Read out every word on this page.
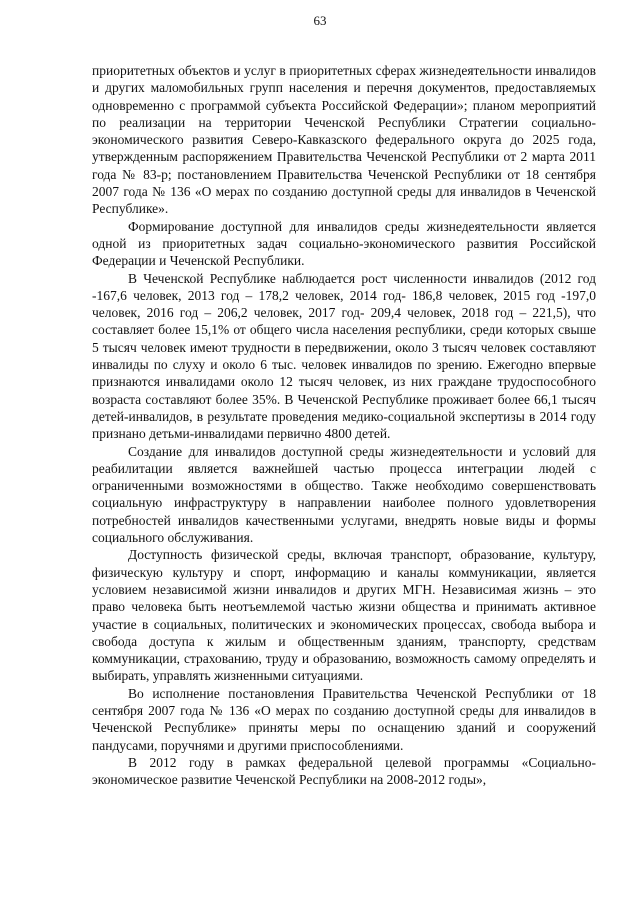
63

приоритетных объектов и услуг в приоритетных сферах жизнедеятельности инвалидов и других маломобильных групп населения и перечня документов, предоставляемых одновременно с программой субъекта Российской Федерации»; планом мероприятий по реализации на территории Чеченской Республики Стратегии социально-экономического развития Северо-Кавказского федерального округа до 2025 года, утвержденным распоряжением Правительства Чеченской Республики от 2 марта 2011 года № 83-р; постановлением Правительства Чеченской Республики от 18 сентября 2007 года № 136 «О мерах по созданию доступной среды для инвалидов в Чеченской Республике».

Формирование доступной для инвалидов среды жизнедеятельности является одной из приоритетных задач социально-экономического развития Российской Федерации и Чеченской Республики.

В Чеченской Республике наблюдается рост численности инвалидов (2012 год -167,6 человек, 2013 год – 178,2 человек, 2014 год- 186,8 человек, 2015 год -197,0 человек, 2016 год – 206,2 человек, 2017 год- 209,4 человек, 2018 год – 221,5), что составляет более 15,1% от общего числа населения республики, среди которых свыше 5 тысяч человек имеют трудности в передвижении, около 3 тысяч человек составляют инвалиды по слуху и около 6 тыс. человек инвалидов по зрению. Ежегодно впервые признаются инвалидами около 12 тысяч человек, из них граждане трудоспособного возраста составляют более 35%. В Чеченской Республике проживает более 66,1 тысяч детей-инвалидов, в результате проведения медико-социальной экспертизы в 2014 году признано детьми-инвалидами первично 4800 детей.

Создание для инвалидов доступной среды жизнедеятельности и условий для реабилитации является важнейшей частью процесса интеграции людей с ограниченными возможностями в общество. Также необходимо совершенствовать социальную инфраструктуру в направлении наиболее полного удовлетворения потребностей инвалидов качественными услугами, внедрять новые виды и формы социального обслуживания.

Доступность физической среды, включая транспорт, образование, культуру, физическую культуру и спорт, информацию и каналы коммуникации, является условием независимой жизни инвалидов и других МГН. Независимая жизнь – это право человека быть неотъемлемой частью жизни общества и принимать активное участие в социальных, политических и экономических процессах, свобода выбора и свобода доступа к жилым и общественным зданиям, транспорту, средствам коммуникации, страхованию, труду и образованию, возможность самому определять и выбирать, управлять жизненными ситуациями.

Во исполнение постановления Правительства Чеченской Республики от 18 сентября 2007 года № 136 «О мерах по созданию доступной среды для инвалидов в Чеченской Республике» приняты меры по оснащению зданий и сооружений пандусами, поручнями и другими приспособлениями.

В 2012 году в рамках федеральной целевой программы «Социально-экономическое развитие Чеченской Республики на 2008-2012 годы»,
